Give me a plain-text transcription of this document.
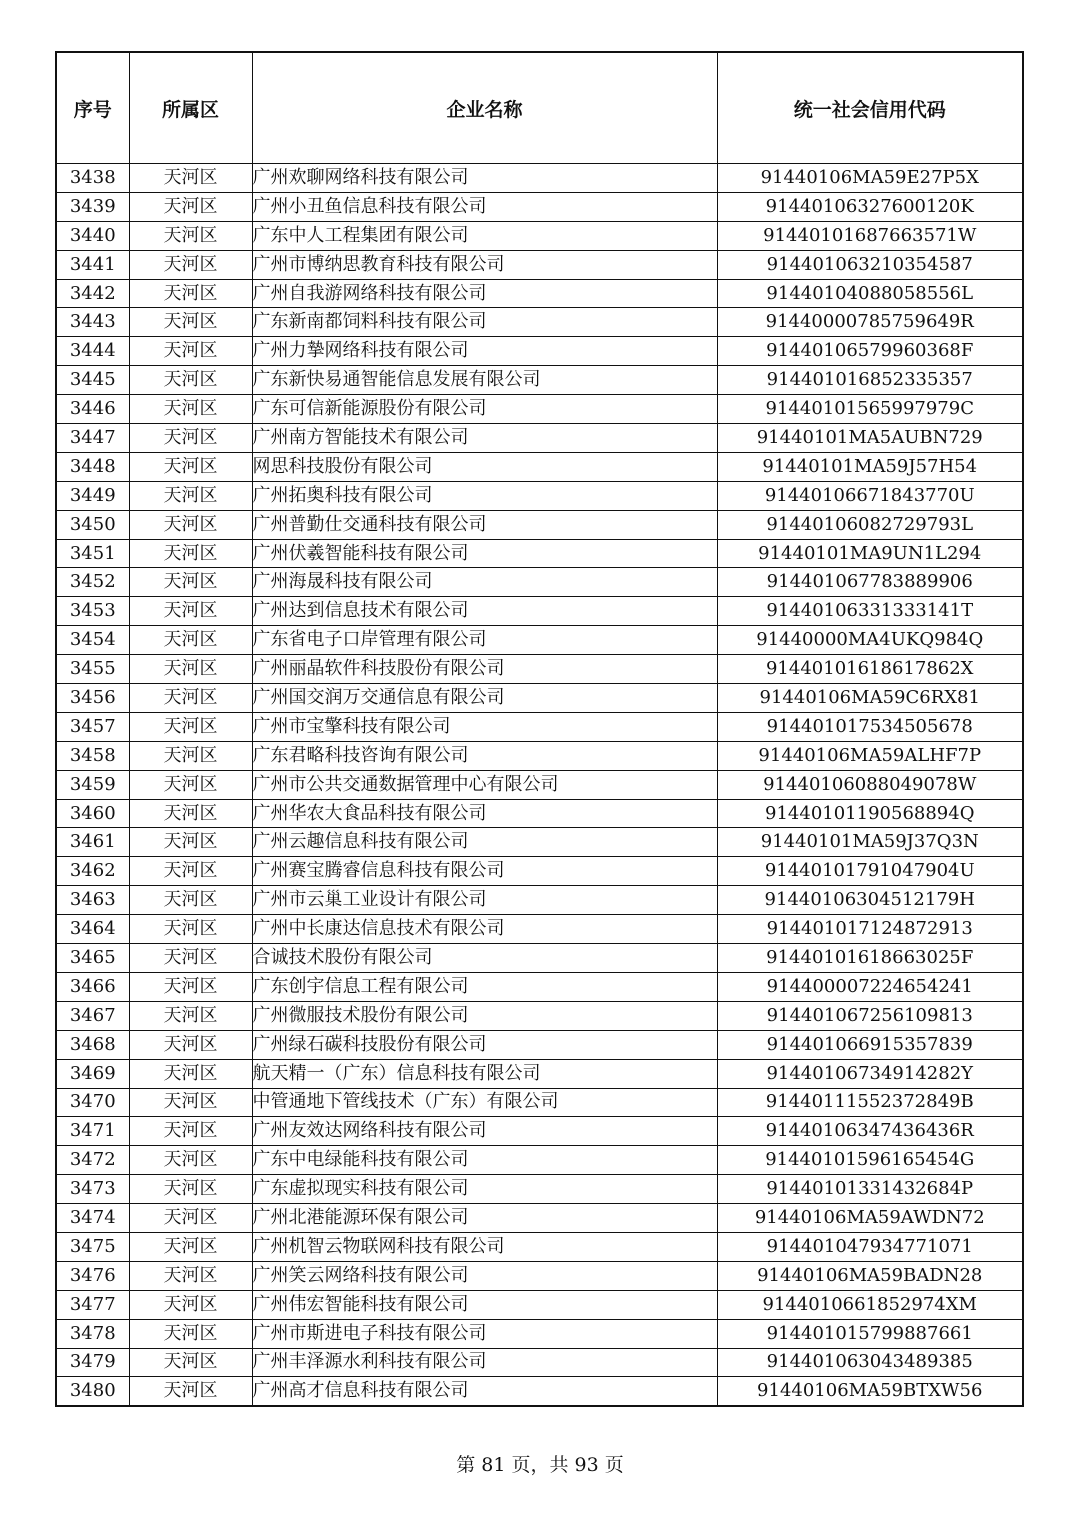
序号	所属区	企业名称	统一社会信用代码
3438	天河区	广州欢聊网络科技有限公司	91440106MA59E27P5X
3439	天河区	广州小丑鱼信息科技有限公司	91440106327600120K
3440	天河区	广东中人工程集团有限公司	91440101687663571W
3441	天河区	广州市博纳思教育科技有限公司	91440106321035458​7
3442	天河区	广州自我游网络科技有限公司	91440104088058556L
3443	天河区	广东新南都饲料科技有限公司	91440000785759649R
3444	天河区	广州力摯网络科技有限公司	91440106579960368F
3445	天河区	广东新快易通智能信息发展有限公司	914401016852335357
3446	天河区	广东可信新能源股份有限公司	91440101565997979C
3447	天河区	广州南方智能技术有限公司	91440101MA5AUBN729
3448	天河区	网思科技股份有限公司	91440101MA59J57H54
3449	天河区	广州拓奥科技有限公司	91440106671843770U
3450	天河区	广州普勤仕交通科技有限公司	91440106082729793L
3451	天河区	广州伏羲智能科技有限公司	91440101MA9UN1L294
3452	天河区	广州海晟科技有限公司	914401067783889906
3453	天河区	广州达到信息技术有限公司	91440106331333141T
3454	天河区	广东省电子口岸管理有限公司	91440000MA4UKQ984Q
3455	天河区	广州丽晶软件科技股份有限公司	91440101618617862X
3456	天河区	广州国交润万交通信息有限公司	91440106MA59C6RX81
3457	天河区	广州市宝擎科技有限公司	914401017534505678
3458	天河区	广东君略科技咨询有限公司	91440106MA59ALHF7P
3459	天河区	广州市公共交通数据管理中心有限公司	91440106088049078W
3460	天河区	广州华农大食品科技有限公司	91440101190568894Q
3461	天河区	广州云趣信息科技有限公司	91440101MA59J37Q3N
3462	天河区	广州赛宝腾睿信息科技有限公司	91440101791047904U
3463	天河区	广州市云巢工业设计有限公司	91440106304512179H
3464	天河区	广州中长康达信息技术有限公司	914401017124872913
3465	天河区	合诚技术股份有限公司	91440101618663025F
3466	天河区	广东创宇信息工程有限公司	914400007224654241
3467	天河区	广州微服技术股份有限公司	914401067256109813
3468	天河区	广州绿石碳科技股份有限公司	914401066915357839
3469	天河区	航天精一（广东）信息科技有限公司	91440106734914282Y
3470	天河区	中管通地下管线技术（广东）有限公司	91440111552372849B
3471	天河区	广州友效达网络科技有限公司	91440106347436436R
3472	天河区	广东中电绿能科技有限公司	91440101596165454G
3473	天河区	广东虚拟现实科技有限公司	91440101331432684P
3474	天河区	广州北港能源环保有限公司	91440106MA59AWDN72
3475	天河区	广州机智云物联网科技有限公司	914401047934771071
3476	天河区	广州笑云网络科技有限公司	91440106MA59BADN28
3477	天河区	广州伟宏智能科技有限公司	9144010661852974XM
3478	天河区	广州市斯进电子科技有限公司	914401015799887661
3479	天河区	广州丰泽源水利科技有限公司	914401063043489385
3480	天河区	广州高才信息科技有限公司	91440106MA59BTXW56
第 81 页，共 93 页
